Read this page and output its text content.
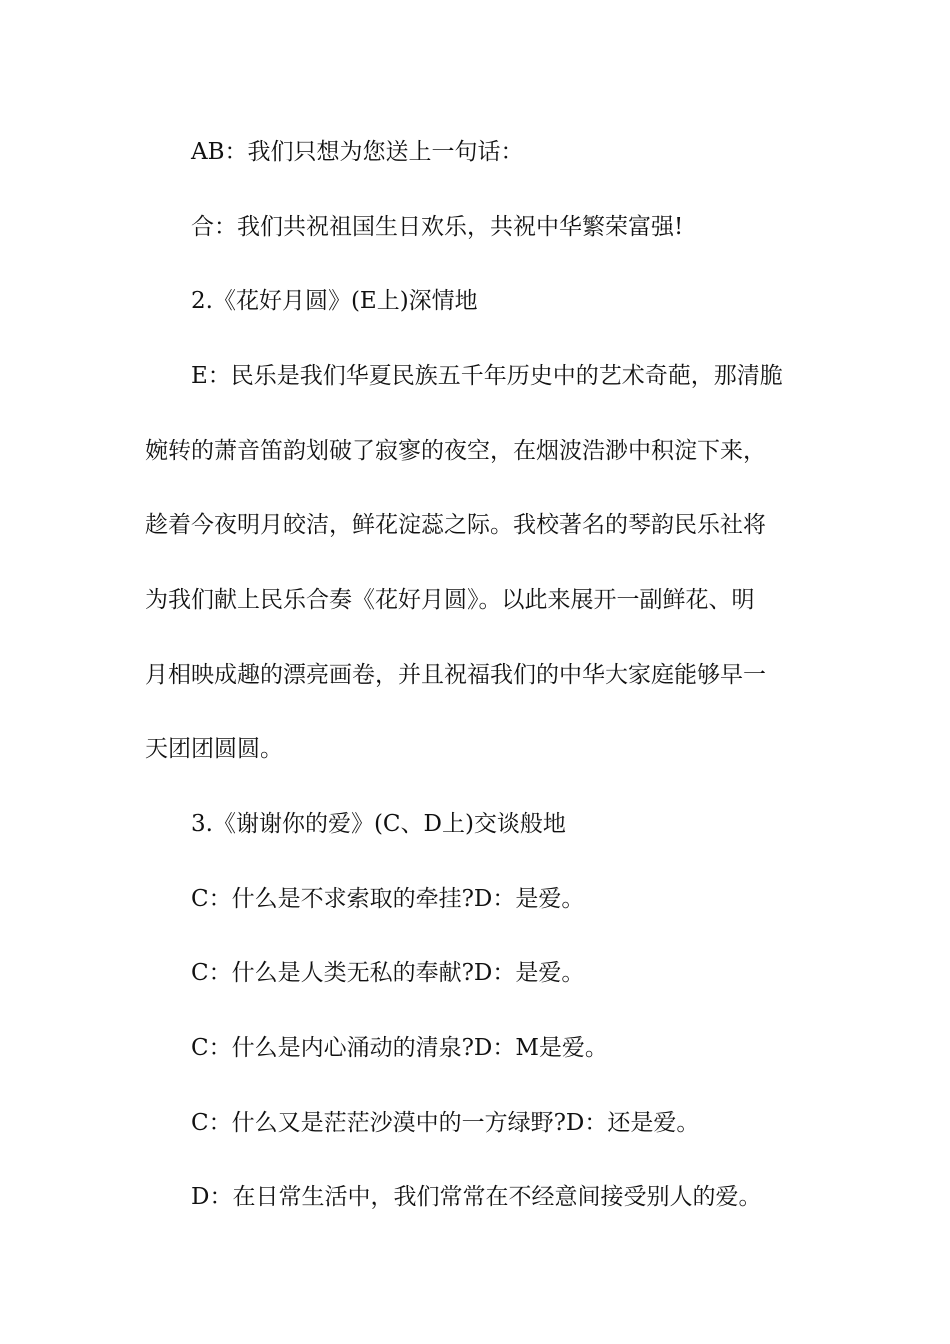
AB：我们只想为您送上一句话：
合：我们共祝祖国生日欢乐，共祝中华繁荣富强!
2.《花好月圆》(E上)深情地
E：民乐是我们华夏民族五千年历史中的艺术奇葩，那清脆
婉转的萧音笛韵划破了寂寥的夜空，在烟波浩渺中积淀下来，
趁着今夜明月皎洁，鲜花淀蕊之际。我校著名的琴韵民乐社将
为我们献上民乐合奏《花好月圆》。以此来展开一副鲜花、明
月相映成趣的漂亮画卷，并且祝福我们的中华大家庭能够早一
天团团圆圆。
3.《谢谢你的爱》(C、D上)交谈般地
C：什么是不求索取的牵挂?D：是爱。
C：什么是人类无私的奉献?D：是爱。
C：什么是内心涌动的清泉?D：M是爱。
C：什么又是茫茫沙漠中的一方绿野?D：还是爱。
D：在日常生活中，我们常常在不经意间接受别人的爱。
